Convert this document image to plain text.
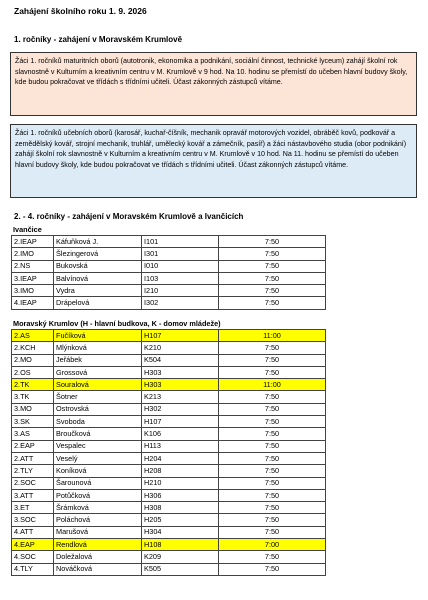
Zahájení školního roku 1. 9. 2026
1. ročníky - zahájení v Moravském Krumlově
Žáci 1. ročníků maturitních oborů (autotronik, ekonomika a podnikání, sociální činnost, technické lyceum) zahájí školní rok slavnostně v Kulturním a kreativním centru v M. Krumlově v 9 hod. Na 10. hodinu se přemístí do učeben hlavní budovy školy, kde budou pokračovat ve třídách s třídními učiteli. Účast zákonných zástupců vítáme.
Žáci 1. ročníků učebních oborů (karosář, kuchař-číšník, mechanik opravář motorových vozidel, obráběč kovů, podkovář a zemědělský kovář, strojní mechanik, truhlář, umělecký kovář a zámečník, pasíř) a žáci nástavbového studia (obor podnikání) zahájí školní rok slavnostně v Kulturním a kreativním centru v M. Krumlově v 10 hod. Na 11. hodinu se přemístí do učeben hlavní budovy školy, kde budou pokračovat ve třídách s třídními učiteli. Účast zákonných zástupců vítáme.
2. - 4. ročníky - zahájení v Moravském Krumlově a Ivančicích
Ivančice
2.IEAP	Káfuňková J.	I101	7:50
2.IMO	Šlezingerová	I301	7:50
2.NS	Bukovská	I010	7:50
3.IEAP	Balvínová	I103	7:50
3.IMO	Vydra	I210	7:50
4.IEAP	Drápelová	I302	7:50
Moravský Krumlov (H - hlavní budkova, K - domov mládeže)
2.AS	Fučíková	H107	11:00
2.KCH	Mlýnková	K210	7:50
2.MO	Jeřábek	K504	7:50
2.OS	Grossová	H303	7:50
2.TK	Souralová	H303	11:00
3.TK	Šotner	K213	7:50
3.MO	Ostrovská	H302	7:50
3.SK	Svoboda	H107	7:50
3.AS	Broučková	K106	7:50
2.EAP	Vespalec	H113	7:50
2.ATT	Veselý	H204	7:50
2.TLY	Koníková	H208	7:50
2.SOC	Šarounová	H210	7:50
3.ATT	Potůčková	H306	7:50
3.ET	Šrámková	H308	7:50
3.SOC	Poláchová	H205	7:50
4.ATT	Marušová	H304	7:50
4.EAP	Rendlová	H108	7:00
4.SOC	Doležalová	K209	7:50
4.TLY	Nováčková	K505	7:50
